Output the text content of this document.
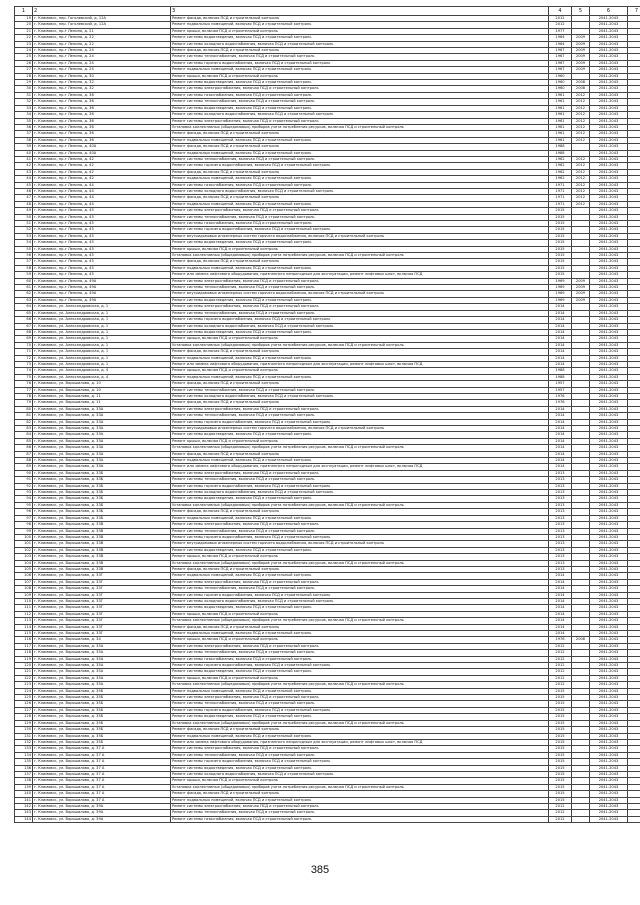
1	2	3	4	5	6	7
19	г. Климовск, пер. Гоголевский, д. 12А	Ремонт фасада, включая ПСД и строительный контроль	2012		2041-2043	
20	г. Климовск, пер. Гоголевский, д. 12А	Ремонт подвальных помещений, включая ПСД и строительный контроль	2012		2041-2043	
21	г. Климовск, пр-т Ленина, д. 21	Ремонт крыши, включая ПСД и строительный контроль	1977		2041-2043	
22	г. Климовск, пр-т Ленина, д. 22	Ремонт системы водоотведения, включая ПСД и строительный контроль	1964	2009	2041-2043	
23	г. Климовск, пр-т Ленина, д. 22	Ремонт системы холодного водоснабжения, включая ПСД и строительный контроль	1964	2009	2041-2043	
24	г. Климовск, пр-т Ленина, д. 24	Ремонт фасада, включая ПСД и строительный контроль	1967	2009	2041-2043	
25	г. Климовск, пр-т Ленина, д. 24	Ремонт системы теплоснабжения, включая ПСД и строительный контроль	1967	2009	2041-2043	
26	г. Климовск, пр-т Ленина, д. 24	Ремонт системы горячего водоснабжения, включая ПСД и строительный контроль	1967	2009	2041-2043	
27	г. Климовск, пр-т Ленина, д. 24	Ремонт подвальных помещений, включая ПСД и строительный контроль	1967	2009	2041-2043	
28	г. Климовск, пр-т Ленина, д. 30	Ремонт крыши, включая ПСД и строительный контроль	1960		2041-2043	
29	г. Климовск, пр-т Ленина, д. 32	Ремонт системы водоотведения, включая ПСД и строительный контроль	1960	2008	2041-2043	
30	г. Климовск, пр-т Ленина, д. 32	Ремонт системы электроснабжения, включая ПСД и строительный контроль	1960	2008	2041-2043	
31	г. Климовск, пр-т Ленина, д. 36	Ремонт системы газоснабжения, включая ПСД и строительный контроль	1961	2012	2041-2043	
32	г. Климовск, пр-т Ленина, д. 36	Ремонт системы теплоснабжения, включая ПСД и строительный контроль	1961	2012	2041-2043	
33	г. Климовск, пр-т Ленина, д. 36	Ремонт системы водоотведения, включая ПСД и строительный контроль	1961	2012	2041-2043	
34	г. Климовск, пр-т Ленина, д. 36	Ремонт системы холодного водоснабжения, включая ПСД и строительный контроль	1961	2012	2041-2043	
35	г. Климовск, пр-т Ленина, д. 36	Ремонт системы электроснабжения, включая ПСД и строительный контроль	1961	2012	2041-2043	
36	г. Климовск, пр-т Ленина, д. 36	Установка коллективных (общедомовых) приборов учета потребления ресурсов, включая ПСД и строительный контроль	1961	2012	2041-2043	
37	г. Климовск, пр-т Ленина, д. 36	Ремонт фасада, включая ПСД и строительный контроль	1961	2012	2041-2043	
38	г. Климовск, пр-т Ленина, д. 36	Ремонт подвальных помещений, включая ПСД и строительный контроль	1961	2012	2041-2043	
39	г. Климовск, пр-т Ленина, д. 40А	Ремонт фасада, включая ПСД и строительный контроль	1988		2041-2043	
40	г. Климовск, пр-т Ленина, д. 40А	Ремонт подвальных помещений, включая ПСД и строительный контроль	1988		2041-2043	
41	г. Климовск, пр-т Ленина, д. 42	Ремонт системы теплоснабжения, включая ПСД и строительный контроль	1962	2012	2041-2043	
42	г. Климовск, пр-т Ленина, д. 42	Ремонт системы горячего водоснабжения, включая ПСД и строительный контроль	1962	2012	2041-2043	
43	г. Климовск, пр-т Ленина, д. 42	Ремонт фасада, включая ПСД и строительный контроль	1962	2012	2041-2043	
44	г. Климовск, пр-т Ленина, д. 42	Ремонт подвальных помещений, включая ПСД и строительный контроль	1962	2012	2041-2043	
45	г. Климовск, пр-т Ленина, д. 44	Ремонт системы газоснабжения, включая ПСД и строительный контроль	1971	2012	2041-2043	
46	г. Климовск, пр-т Ленина, д. 44	Ремонт системы холодного водоснабжения, включая ПСД и строительный контроль	1971	2012	2041-2043	
47	г. Климовск, пр-т Ленина, д. 44	Ремонт фасада, включая ПСД и строительный контроль	1971	2012	2041-2043	
48	г. Климовск, пр-т Ленина, д. 44	Ремонт подвальных помещений, включая ПСД и строительный контроль	1971	2012	2041-2043	
49	г. Климовск, пр-т Ленина, д. 45	Ремонт системы электроснабжения, включая ПСД и строительный контроль	2015		2041-2043	
50	г. Климовск, пр-т Ленина, д. 45	Ремонт системы теплоснабжения, включая ПСД и строительный контроль	2015		2041-2043	
51	г. Климовск, пр-т Ленина, д. 45	Ремонт системы газоснабжения, включая ПСД и строительный контроль	2015		2041-2043	
52	г. Климовск, пр-т Ленина, д. 45	Ремонт системы горячего водоснабжения, включая ПСД и строительный контроль	2015		2041-2043	
53	г. Климовск, пр-т Ленина, д. 45	Ремонт внутридомовых инженерных систем горячего водоснабжения, включая ПСД и строительный контроль	2015		2041-2043	
54	г. Климовск, пр-т Ленина, д. 45	Ремонт системы водоотведения, включая ПСД и строительный контроль	2015		2041-2043	
55	г. Климовск, пр-т Ленина, д. 45	Ремонт крыши, включая ПСД и строительный контроль	2015		2041-2043	
56	г. Климовск, пр-т Ленина, д. 45	Установка коллективных (общедомовых) приборов учета потребления ресурсов, включая ПСД и строительный контроль	2015		2041-2043	
57	г. Климовск, пр-т Ленина, д. 45	Ремонт фасада, включая ПСД и строительный контроль	2015		2041-2043	
58	г. Климовск, пр-т Ленина, д. 45	Ремонт подвальных помещений, включая ПСД и строительный контроль	2015		2041-2043	
59	г. Климовск, пр-т Ленина, д. 45	Ремонт или замена лифтового оборудования, признанного непригодным для эксплуатации, ремонт лифтовых шахт, включая ПСД	2015		2041-2043	
60	г. Климовск, пр-т Ленина, д. 49А	Ремонт системы электроснабжения, включая ПСД и строительный контроль	1969	2009	2041-2043	
61	г. Климовск, пр-т Ленина, д. 49А	Ремонт системы теплоснабжения, включая ПСД и строительный контроль	1969	2009	2041-2043	
62	г. Климовск, пр-т Ленина, д. 49А	Ремонт внутридомовых инженерных систем горячего водоснабжения, включая ПСД и строительный контроль	1969	2009	2041-2043	
63	г. Климовск, пр-т Ленина, д. 49А	Ремонт системы водоотведения, включая ПСД и строительный контроль	1969	2009	2041-2043	
64	г. Климовск, ул. Александровская, д. 1	Ремонт системы электроснабжения, включая ПСД и строительный контроль	2014		2041-2043	
65	г. Климовск, ул. Александровская, д. 1	Ремонт системы теплоснабжения, включая ПСД и строительный контроль	2014		2041-2043	
66	г. Климовск, ул. Александровская, д. 1	Ремонт системы горячего водоснабжения, включая ПСД и строительный контроль	2014		2041-2043	
67	г. Климовск, ул. Александровская, д. 1	Ремонт системы холодного водоснабжения, включая ПСД и строительный контроль	2014		2041-2043	
68	г. Климовск, ул. Александровская, д. 1	Ремонт системы водоотведения, включая ПСД и строительный контроль	2014		2041-2043	
69	г. Климовск, ул. Александровская, д. 1	Ремонт крыши, включая ПСД и строительный контроль	2014		2041-2043	
70	г. Климовск, ул. Александровская, д. 1	Установка коллективных (общедомовых) приборов учета потребления ресурсов, включая ПСД и строительный контроль	2014		2041-2043	
71	г. Климовск, ул. Александровская, д. 1	Ремонт фасада, включая ПСД и строительный контроль	2014		2041-2043	
72	г. Климовск, ул. Александровская, д. 1	Ремонт подвальных помещений, включая ПСД и строительный контроль	2014		2041-2043	
73	г. Климовск, ул. Александровская, д. 1	Ремонт или замена лифтового оборудования, признанного непригодным для эксплуатации, ремонт лифтовых шахт, включая ПСД	2014		2041-2043	
74	г. Климовск, ул. Александровская, д. 4	Ремонт крыши, включая ПСД и строительный контроль	1988		2041-2043	
75	г. Климовск, ул. Александровская, д. 4	Ремонт подвальных помещений, включая ПСД и строительный контроль	1988		2041-2043	
76	г. Климовск, ул. Ворошилова, д. 10	Ремонт фасада, включая ПСД и строительный контроль	1957		2041-2043	
77	г. Климовск, ул. Ворошилова, д. 10	Ремонт системы теплоснабжения, включая ПСД и строительный контроль	1957		2041-2043	
78	г. Климовск, ул. Ворошилова, д. 11	Ремонт системы холодного водоснабжения, включая ПСД и строительный контроль	1976		2041-2043	
79	г. Климовск, ул. Ворошилова, д. 11	Ремонт фасада, включая ПСД и строительный контроль	1976		2041-2043	
80	г. Климовск, ул. Ворошилова, д. 33А	Ремонт системы электроснабжения, включая ПСД и строительный контроль	2014		2041-2043	
81	г. Климовск, ул. Ворошилова, д. 33А	Ремонт системы теплоснабжения, включая ПСД и строительный контроль	2014		2041-2043	
82	г. Климовск, ул. Ворошилова, д. 33А	Ремонт системы горячего водоснабжения, включая ПСД и строительный контроль	2014		2041-2043	
83	г. Климовск, ул. Ворошилова, д. 33А	Ремонт внутридомовых инженерных систем горячего водоснабжения, включая ПСД и строительный контроль	2014		2041-2043	
84	г. Климовск, ул. Ворошилова, д. 33А	Ремонт системы водоотведения, включая ПСД и строительный контроль	2014		2041-2043	
85	г. Климовск, ул. Ворошилова, д. 33А	Ремонт крыши, включая ПСД и строительный контроль	2014		2041-2043	
86	г. Климовск, ул. Ворошилова, д. 33А	Установка коллективных (общедомовых) приборов учета потребления ресурсов, включая ПСД и строительный контроль	2014		2041-2043	
87	г. Климовск, ул. Ворошилова, д. 33А	Ремонт фасада, включая ПСД и строительный контроль	2014		2041-2043	
88	г. Климовск, ул. Ворошилова, д. 33А	Ремонт подвальных помещений, включая ПСД и строительный контроль	2014		2041-2043	
89	г. Климовск, ул. Ворошилова, д. 33А	Ремонт или замена лифтового оборудования, признанного непригодным для эксплуатации, ремонт лифтовых шахт, включая ПСД	2014		2041-2043	
90	г. Климовск, ул. Ворошилова, д. 33Б	Ремонт системы электроснабжения, включая ПСД и строительный контроль	2013		2041-2043	
91	г. Климовск, ул. Ворошилова, д. 33Б	Ремонт системы теплоснабжения, включая ПСД и строительный контроль	2013		2041-2043	
92	г. Климовск, ул. Ворошилова, д. 33Б	Ремонт системы горячего водоснабжения, включая ПСД и строительный контроль	2013		2041-2043	
93	г. Климовск, ул. Ворошилова, д. 33Б	Ремонт системы холодного водоснабжения, включая ПСД и строительный контроль	2013		2041-2043	
94	г. Климовск, ул. Ворошилова, д. 33Б	Ремонт системы водоотведения, включая ПСД и строительный контроль	2013		2041-2043	
95	г. Климовск, ул. Ворошилова, д. 33Б	Установка коллективных (общедомовых) приборов учета потребления ресурсов, включая ПСД и строительный контроль	2013		2041-2043	
96	г. Климовск, ул. Ворошилова, д. 33Б	Ремонт фасада, включая ПСД и строительный контроль	2013		2041-2043	
97	г. Климовск, ул. Ворошилова, д. 33Б	Ремонт подвальных помещений, включая ПСД и строительный контроль	2013		2041-2043	
98	г. Климовск, ул. Ворошилова, д. 33В	Ремонт системы электроснабжения, включая ПСД и строительный контроль	2013		2041-2043	
99	г. Климовск, ул. Ворошилова, д. 33В	Ремонт системы теплоснабжения, включая ПСД и строительный контроль	2013		2041-2043	
100	г. Климовск, ул. Ворошилова, д. 33В	Ремонт системы горячего водоснабжения, включая ПСД и строительный контроль	2013		2041-2043	
101	г. Климовск, ул. Ворошилова, д. 33В	Ремонт внутридомовых инженерных систем горячего водоснабжения, включая ПСД и строительный контроль	2013		2041-2043	
102	г. Климовск, ул. Ворошилова, д. 33В	Ремонт системы водоотведения, включая ПСД и строительный контроль	2013		2041-2043	
103	г. Климовск, ул. Ворошилова, д. 33В	Ремонт крыши, включая ПСД и строительный контроль	2013		2041-2043	
104	г. Климовск, ул. Ворошилова, д. 33В	Установка коллективных (общедомовых) приборов учета потребления ресурсов, включая ПСД и строительный контроль	2013		2041-2043	
105	г. Климовск, ул. Ворошилова, д. 33В	Ремонт фасада, включая ПСД и строительный контроль	2013		2041-2043	
106	г. Климовск, ул. Ворошилова, д. 33Г	Ремонт подвальных помещений, включая ПСД и строительный контроль	2014		2041-2043	
107	г. Климовск, ул. Ворошилова, д. 33Г	Ремонт системы электроснабжения, включая ПСД и строительный контроль	2014		2041-2043	
108	г. Климовск, ул. Ворошилова, д. 33Г	Ремонт системы теплоснабжения, включая ПСД и строительный контроль	2014		2041-2043	
109	г. Климовск, ул. Ворошилова, д. 33Г	Ремонт системы горячего водоснабжения, включая ПСД и строительный контроль	2014		2041-2043	
110	г. Климовск, ул. Ворошилова, д. 33Г	Ремонт системы холодного водоснабжения, включая ПСД и строительный контроль	2014		2041-2043	
111	г. Климовск, ул. Ворошилова, д. 33Г	Ремонт системы водоотведения, включая ПСД и строительный контроль	2014		2041-2043	
112	г. Климовск, ул. Ворошилова, д. 33Г	Ремонт крыши, включая ПСД и строительный контроль	2014		2041-2043	
113	г. Климовск, ул. Ворошилова, д. 33Г	Установка коллективных (общедомовых) приборов учета потребления ресурсов, включая ПСД и строительный контроль	2014		2041-2043	
114	г. Климовск, ул. Ворошилова, д. 33Г	Ремонт фасада, включая ПСД и строительный контроль	2014		2041-2043	
115	г. Климовск, ул. Ворошилова, д. 33Г	Ремонт подвальных помещений, включая ПСД и строительный контроль	2014		2041-2043	
116	г. Климовск, ул. Ворошилова, д. 34	Ремонт крыши, включая ПСД и строительный контроль	1976	2008	2041-2043	
117	г. Климовск, ул. Ворошилова, д. 35А	Ремонт системы электроснабжения, включая ПСД и строительный контроль	2012		2041-2043	
118	г. Климовск, ул. Ворошилова, д. 35А	Ремонт системы теплоснабжения, включая ПСД и строительный контроль	2012		2041-2043	
119	г. Климовск, ул. Ворошилова, д. 35А	Ремонт системы газоснабжения, включая ПСД и строительный контроль	2012		2041-2043	
120	г. Климовск, ул. Ворошилова, д. 35А	Ремонт системы горячего водоснабжения, включая ПСД и строительный контроль	2012		2041-2043	
121	г. Климовск, ул. Ворошилова, д. 35А	Ремонт системы водоотведения, включая ПСД и строительный контроль	2012		2041-2043	
122	г. Климовск, ул. Ворошилова, д. 35А	Ремонт крыши, включая ПСД и строительный контроль	2012		2041-2043	
123	г. Климовск, ул. Ворошилова, д. 35А	Установка коллективных (общедомовых) приборов учета потребления ресурсов, включая ПСД и строительный контроль	2012		2041-2043	
124	г. Климовск, ул. Ворошилова, д. 35Б	Ремонт подвальных помещений, включая ПСД и строительный контроль	2015		2041-2043	
125	г. Климовск, ул. Ворошилова, д. 35Б	Ремонт системы электроснабжения, включая ПСД и строительный контроль	2015		2041-2043	
126	г. Климовск, ул. Ворошилова, д. 35Б	Ремонт системы теплоснабжения, включая ПСД и строительный контроль	2015		2041-2043	
127	г. Климовск, ул. Ворошилова, д. 35Б	Ремонт системы горячего водоснабжения, включая ПСД и строительный контроль	2015		2041-2043	
128	г. Климовск, ул. Ворошилова, д. 35Б	Ремонт системы водоотведения, включая ПСД и строительный контроль	2015		2041-2043	
129	г. Климовск, ул. Ворошилова, д. 35Б	Установка коллективных (общедомовых) приборов учета потребления ресурсов, включая ПСД и строительный контроль	2015		2041-2043	
130	г. Климовск, ул. Ворошилова, д. 35Б	Ремонт фасада, включая ПСД и строительный контроль	2015		2041-2043	
131	г. Климовск, ул. Ворошилова, д. 35Б	Ремонт подвальных помещений, включая ПСД и строительный контроль	2015		2041-2043	
132	г. Климовск, ул. Ворошилова, д. 35Б	Ремонт или замена лифтового оборудования, признанного непригодным для эксплуатации, ремонт лифтовых шахт, включая ПСД	2015		2041-2043	
133	г. Климовск, ул. Ворошилова, д. 37 А	Ремонт системы электроснабжения, включая ПСД и строительный контроль	2015		2041-2043	
134	г. Климовск, ул. Ворошилова, д. 37 А	Ремонт системы теплоснабжения, включая ПСД и строительный контроль	2015		2041-2043	
135	г. Климовск, ул. Ворошилова, д. 37 А	Ремонт системы горячего водоснабжения, включая ПСД и строительный контроль	2015		2041-2043	
136	г. Климовск, ул. Ворошилова, д. 37 А	Ремонт системы водоотведения, включая ПСД и строительный контроль	2015		2041-2043	
137	г. Климовск, ул. Ворошилова, д. 37 А	Ремонт системы холодного водоснабжения, включая ПСД и строительный контроль	2015		2041-2043	
138	г. Климовск, ул. Ворошилова, д. 37 А	Ремонт крыши, включая ПСД и строительный контроль	2015		2041-2043	
139	г. Климовск, ул. Ворошилова, д. 37 А	Установка коллективных (общедомовых) приборов учета потребления ресурсов, включая ПСД и строительный контроль	2015		2041-2043	
140	г. Климовск, ул. Ворошилова, д. 37 А	Ремонт фасада, включая ПСД и строительный контроль	2015		2041-2043	
141	г. Климовск, ул. Ворошилова, д. 37 А	Ремонт подвальных помещений, включая ПСД и строительный контроль	2015		2041-2043	
142	г. Климовск, ул. Ворошилова, д. 39А	Ремонт системы электроснабжения, включая ПСД и строительный контроль	2012		2041-2043	
143	г. Климовск, ул. Ворошилова, д. 39А	Ремонт системы теплоснабжения, включая ПСД и строительный контроль	2012		2041-2043	
144	г. Климовск, ул. Ворошилова, д. 39А	Ремонт системы газоснабжения, включая ПСД и строительный контроль	2012		2041-2043	
385
